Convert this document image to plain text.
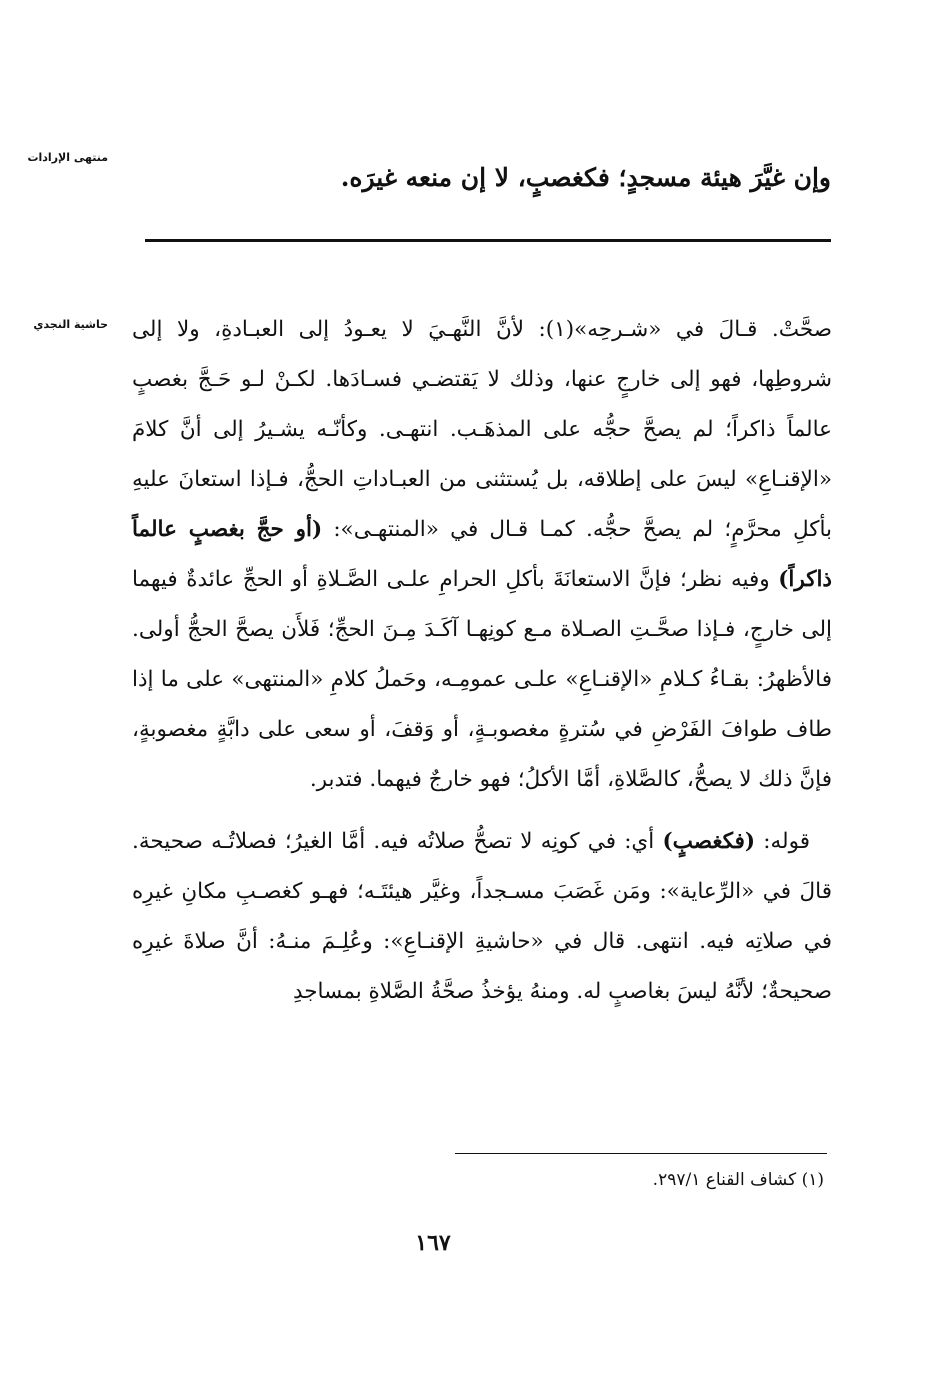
منتهى الإرادات
حاشية النجدي
وإن غيَّرَ هيئة مسجدٍ؛ فكغصبٍ، لا إن منعه غيرَه.

صحَّتْ. قـالَ في «شـرحِه»(١): لأنَّ النَّهـيَ لا يعـودُ إلى العبـادةِ، ولا إلى شروطِها، فهو إلى خارجٍ عنها، وذلك لا يَقتضـي فسـادَها. لكـنْ لـو حَـجَّ بغصبٍ عالماً ذاكراً؛ لم يصحَّ حجُّه على المذهَـب. انتهـى. وكأنّـه يشـيرُ إلى أنَّ كلامَ «الإقنـاعِ» ليسَ على إطلاقه، بل يُستثنى من العبـاداتِ الحجُّ، فـإذا استعانَ عليهِ بأكلِ محرَّمٍ؛ لم يصحَّ حجُّه. كمـا قـال في «المنتهـى»: (أو حجَّ بغصبٍ عالماً ذاكراً) وفيه نظر؛ فإنَّ الاستعانَةَ بأكلِ الحرامِ علـى الصَّـلاةِ أو الحجِّ عائدةٌ فيهما إلى خارجٍ، فـإذا صحَّـتِ الصـلاة مـع كونِهـا آكَـدَ مِـنَ الحجِّ؛ فَلأَن يصحَّ الحجُّ أولى. فالأظهرُ: بقـاءُ كـلامِ «الإقنـاعِ» علـى عمومِـه، وحَملُ كلامِ «المنتهى» على ما إذا طاف طوافَ الفَرْضِ في سُترةٍ مغصوبـةٍ، أو وَقفَ، أو سعى على دابَّةٍ مغصوبةٍ، فإنَّ ذلك لا يصحُّ، كالصَّلاةِ، أمَّا الأكلُ؛ فهو خارجٌ فيهما. فتدبر.

قوله: (فكغصبٍ) أي: في كونِه لا تصحُّ صلاتُه فيه. أمَّا الغيرُ؛ فصلاتُـه صحيحة. قالَ في «الرِّعاية»: ومَن غَصَبَ مسـجداً، وغيَّر هيئتَـه؛ فهـو كغصـبِ مكانِ غيرِه في صلاتِه فيه. انتهى. قال في «حاشيةِ الإقنـاعِ»: وعُلِـمَ منـهُ: أنَّ صلاةَ غيرِه صحيحةٌ؛ لأنَّهُ ليسَ بغاصبٍ له. ومنهُ يؤخذُ صحَّةُ الصَّلاةِ بمساجدِ

(١) كشاف القناع ٢٩٧/١.
١٦٧
